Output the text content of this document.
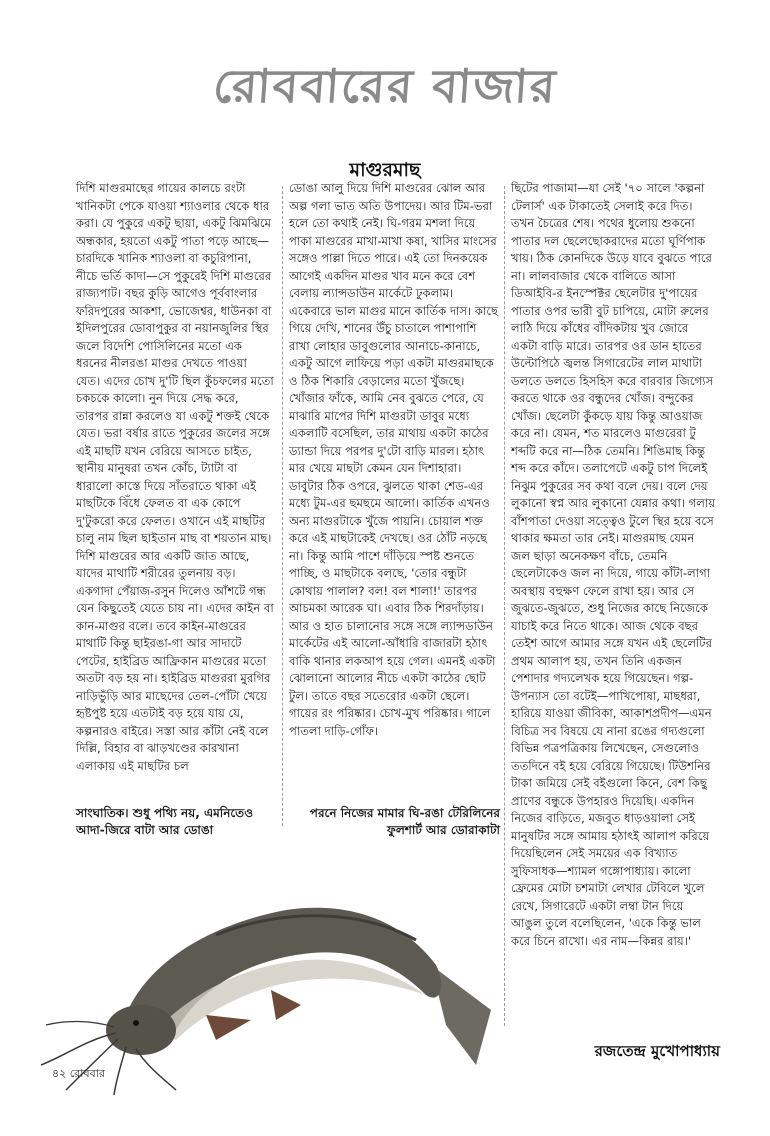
রোববারের বাজার
মাগুরমাছ

দিশি মাগুরমাছের গায়ের কালচে রংটা খানিকটা পেকে যাওয়া শ্যাওলার থেকে ধার করা। যে পুকুরে একটু ছায়া, একটু ঝিমঝিমে অন্ধকার, হয়তো একটু পাতা পড়ে আছে—চারদিকে খানিক শ্যাওলা বা কচুরিপানা, নীচে ভর্তি কাদা—সে পুকুরেই দিশি মাগুরের রাজ্যপাট। বছর কুড়ি আগেও পূর্ববাংলার ফরিদপুরের আকশা, ভোজেশ্বর, ধাউনকা বা ইদিলপুরের ডোবাপুকুর বা নয়ানজুলির স্থির জলে বিদেশি পোসিলিনের মতো এক ধরনের নীলরঙা মাগুর দেখতে পাওয়া যেত। এদের চোখ দু'টি ছিল কুঁচফলের মতো চকচকে কালো। নুন দিয়ে সেদ্ধ করে, তারপর রান্না করলেও যা একটু শক্তই থেকে যেত। ভরা বর্ষার রাতে পুকুরের জলের সঙ্গে এই মাছটি যখন বেরিয়ে আসতে চাইত, স্থানীয় মানুষরা তখন কোঁচ, ট্যাটা বা ধারালো কাস্তে দিয়ে সাঁতরাতে থাকা এই মাছটিকে বিঁধে ফেলত বা এক কোপে দু'টুকরো করে ফেলত। ওখানে এই মাছটির চালু নাম ছিল ছাইতান মাছ বা শয়তান মাছ। দিশি মাগুরের আর একটি জাত আছে, যাদের মাথাটি শরীরের তুলনায় বড়। একগাদা পেঁয়াজ-রসুন দিলেও আঁশটে গন্ধ যেন কিছুতেই যেতে চায় না। এদের কাইন বা কান-মাগুর বলে। তবে কাইন-মাগুরের মাথাটি কিন্তু ছাইরঙা-গা আর সাদাটে পেটের, হাইব্রিড আফ্রিকান মাগুরের মতো অতটা বড় হয় না। হাইব্রিড মাগুররা মুরগির নাড়িভুঁড়ি আর মাছেদের তেল-পোঁটা খেয়ে হৃষ্টপুষ্ট হয়ে এতটাই বড় হয়ে যায় যে, কল্পনারও বাইরে। সস্তা আর কাঁটা নেই বলে দিল্লি, বিহার বা ঝাড়খণ্ডের কারখানা এলাকায় এই মাছটির চল

সাংঘাতিক। শুধু পথ্যি নয়, এমনিতেও আদা-জিরে বাটা আর ডোঙা

ডোঙা আলু দিয়ে দিশি মাগুরের ঝোল আর অল্প গলা ভাত অতি উপাদেয়। আর টিম-ভরা হলে তো কথাই নেই। ঘি-গরম মশলা দিয়ে পাকা মাগুরের মাখা-মাখা কষা, খাসির মাংসের সঙ্গেও পাল্লা দিতে পারে। এই তো দিনকয়েক আগেই একদিন মাগুর খাব মনে করে বেশ বেলায় ল্যান্সডাউন মার্কেটে ঢুকলাম। একেবারে ভাল মাগুর মানে কার্তিক দাস। কাছে গিয়ে দেখি, শানের উঁচু চাতালে পাশাপাশি রাখা লোহার ডাবুগুলোর আনাচে-কানাচে, একটু আগে লাফিয়ে পড়া একটা মাগুরমাছকে ও ঠিক শিকারি বেড়ালের মতো খুঁজছে। খোঁজার ফাঁকে, আমি নেব বুঝতে পেরে, যে মাঝারি মাপের দিশি মাগুরটা ডাবুর মধ্যে একলাটি বসেছিল, তার মাথায় একটা কাঠের ড্যান্ডা দিয়ে পরপর দু'টো বাড়ি মারল। হঠাৎ মার খেয়ে মাছটা কেমন যেন দিশাহারা। ডাবুটার ঠিক ওপরে, ঝুলতে থাকা শেড-এর মধ্যে টুম-এর ছমছমে আলো। কার্তিক এখনও অন্য মাগুরটাকে খুঁজে পায়নি। চোয়াল শক্ত করে এই মাছটাকেই দেখছে। ওর ঠোঁট নড়ছে না। কিন্তু আমি পাশে দাঁড়িয়ে স্পষ্ট শুনতে পাচ্ছি, ও মাছটাকে বলছে, 'তোর বন্ধুটা কোথায় পালাল? বল! বল শালা!' তারপর আচমকা আরেক ঘা। এবার ঠিক শিরদাঁড়ায়। আর ও হাত চালানোর সঙ্গে সঙ্গে ল্যান্সডাউন মার্কেটের এই আলো-আঁধারি বাজারটা হঠাৎ বাকি থানার লকআপ হয়ে গেল। এমনই একটা ঝোলানো আলোর নীচে একটা কাঠের ছোট টুল। তাতে বছর সতেরোর একটা ছেলে। গায়ের রং পরিষ্কার। চোখ-মুখ পরিষ্কার। গালে পাতলা দাড়ি-গোঁফ।

পরনে নিজের মামার ঘি-রঙা টেরিলিনের ফুলশার্ট আর ডোরাকাটা

ছিটের পাজামা—যা সেই '৭০ সালে 'কল্পনা টেলার্স' এক টাকাতেই সেলাই করে দিত। তখন চৈত্রের শেষ। পথের ধুলোয় শুকনো পাতার দল ছেলেছোকরাদের মতো ঘূর্ণিপাক খায়। ঠিক কোনদিকে উড়ে যাবে বুঝতে পারে না। লালবাজার থেকে বালিতে আসা ডিআইবি-র ইনস্পেক্টর ছেলেটার দু'পায়ের পাতার ওপর ভারী বুট চাপিয়ে, মোটা রুলের লাঠি দিয়ে কাঁধের বাঁদিকটায় খুব জোরে একটা বাড়ি মারে। তারপর ওর ডান হাতের উল্টোপিঠে জ্বলন্ত সিগারেটের লাল মাথাটা ডলতে ডলতে হিসহিস করে বারবার জিগ্যেস করতে থাকে ওর বন্ধুদের খোঁজ। বন্দুকের খোঁজ। ছেলেটা কুঁকড়ে যায় কিন্তু আওয়াজ করে না। যেমন, শত মারলেও মাগুরেরা টু শব্দটি করে না—ঠিক তেমনি। শিঙিমাছ কিন্তু শব্দ করে কাঁদে। তলাপেটে একটু চাপ দিলেই নিঝুম পুকুরের সব কথা বলে দেয়। বলে দেয় লুকানো স্বপ্ন আর লুকানো যেন্নার কথা। গলায় বাঁশপাতা দেওয়া সত্ত্বেও টুলে স্থির হয়ে বসে থাকার ক্ষমতা তার নেই। মাগুরমাছ যেমন জল ছাড়া অনেকক্ষণ বাঁচে, তেমনি ছেলেটাকেও জল না দিয়ে, গায়ে কাঁটা-লাগা অবস্থায় বহুক্ষণ ফেলে রাখা হয়। আর সে জুঝতে-জুঝতে, শুধু নিজের কাছে নিজেকে যাচাই করে নিতে থাকে। আজ থেকে বছর তেইশ আগে আমার সঙ্গে যখন এই ছেলেটির প্রথম আলাপ হয়, তখন তিনি একজন পেশাদার গদ্যলেখক হয়ে গিয়েছেন। গল্প-উপন্যাস তো বটেই—পাখিপোষা, মাছধরা, হারিয়ে যাওয়া জীবিকা, আকাশপ্রদীপ—এমন বিচিত্র সব বিষয়ে যে নানা রঙের গদ্যগুলো বিভিন্ন পত্রপত্রিকায় লিখেছেন, সেগুলোও ততদিনে বই হয়ে বেরিয়ে গিয়েছে। টিউশনির টাকা জমিয়ে সেই বইগুলো কিনে, বেশ কিছু প্রাণের বন্ধুকে উপহারও দিয়েছি। একদিন নিজের বাড়িতে, মজবুত ধাড়ওয়ালা সেই মানুষটির সঙ্গে আমায় হঠাৎই আলাপ করিয়ে দিয়েছিলেন সেই সময়ের এক বিখ্যাত সুফিসাধক—শ্যামল গঙ্গোপাধ্যায়। কালো ফ্রেমের মোটা চশমাটা লেখার টেবিলে খুলে রেখে, সিগারেটে একটা লম্বা টান দিয়ে আঙুল তুলে বলেছিলেন, 'একে কিন্তু ভাল করে চিনে রাখো। এর নাম—কিন্নর রায়।'

রজতেন্দ্র মুখোপাধ্যায়
৪২ রোববার
